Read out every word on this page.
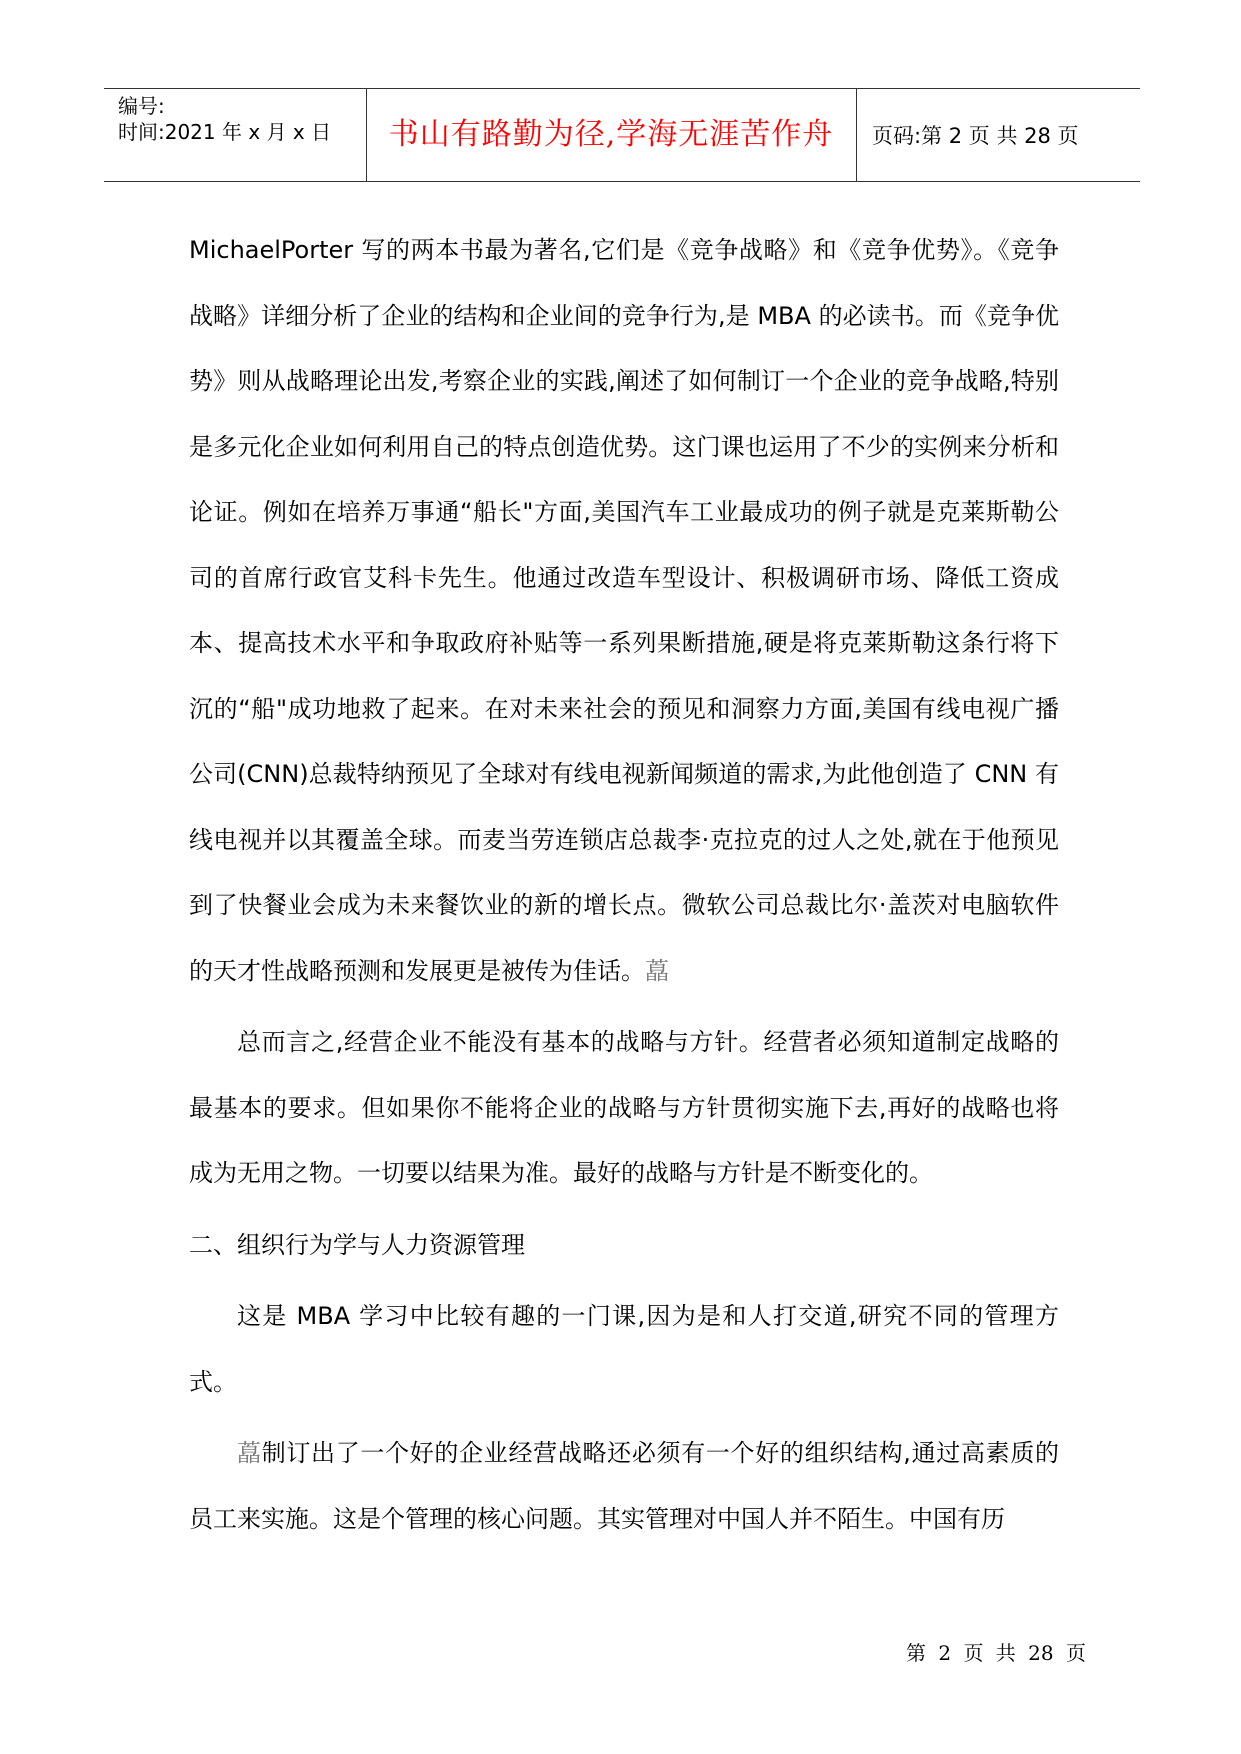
编号:
时间:2021 年 x 月 x 日	书山有路勤为径,学海无涯苦作舟	页码:第 2 页 共 28 页

MichaelPorter 写的两本书最为著名,它们是《竞争战略》和《竞争优势》。《竞争战略》详细分析了企业的结构和企业间的竞争行为,是 MBA 的必读书。而《竞争优势》则从战略理论出发,考察企业的实践,阐述了如何制订一个企业的竞争战略,特别是多元化企业如何利用自己的特点创造优势。这门课也运用了不少的实例来分析和论证。例如在培养万事通“船长"方面,美国汽车工业最成功的例子就是克莱斯勒公司的首席行政官艾科卡先生。他通过改造车型设计、积极调研市场、降低工资成本、提高技术水平和争取政府补贴等一系列果断措施,硬是将克莱斯勒这条行将下沉的“船"成功地救了起来。在对未来社会的预见和洞察力方面,美国有线电视广播公司(CNN)总裁特纳预见了全球对有线电视新闻频道的需求,为此他创造了 CNN 有线电视并以其覆盖全球。而麦当劳连锁店总裁李·克拉克的过人之处,就在于他预见到了快餐业会成为未来餐饮业的新的增长点。微软公司总裁比尔·盖茨对电脑软件的天才性战略预测和发展更是被传为佳话。藠

总而言之,经营企业不能没有基本的战略与方针。经营者必须知道制定战略的最基本的要求。但如果你不能将企业的战略与方针贯彻实施下去,再好的战略也将成为无用之物。一切要以结果为准。最好的战略与方针是不断变化的。

二、组织行为学与人力资源管理

这是 MBA 学习中比较有趣的一门课,因为是和人打交道,研究不同的管理方式。

藠制订出了一个好的企业经营战略还必须有一个好的组织结构,通过高素质的员工来实施。这是个管理的核心问题。其实管理对中国人并不陌生。中国有历

第 2 页 共 28 页
